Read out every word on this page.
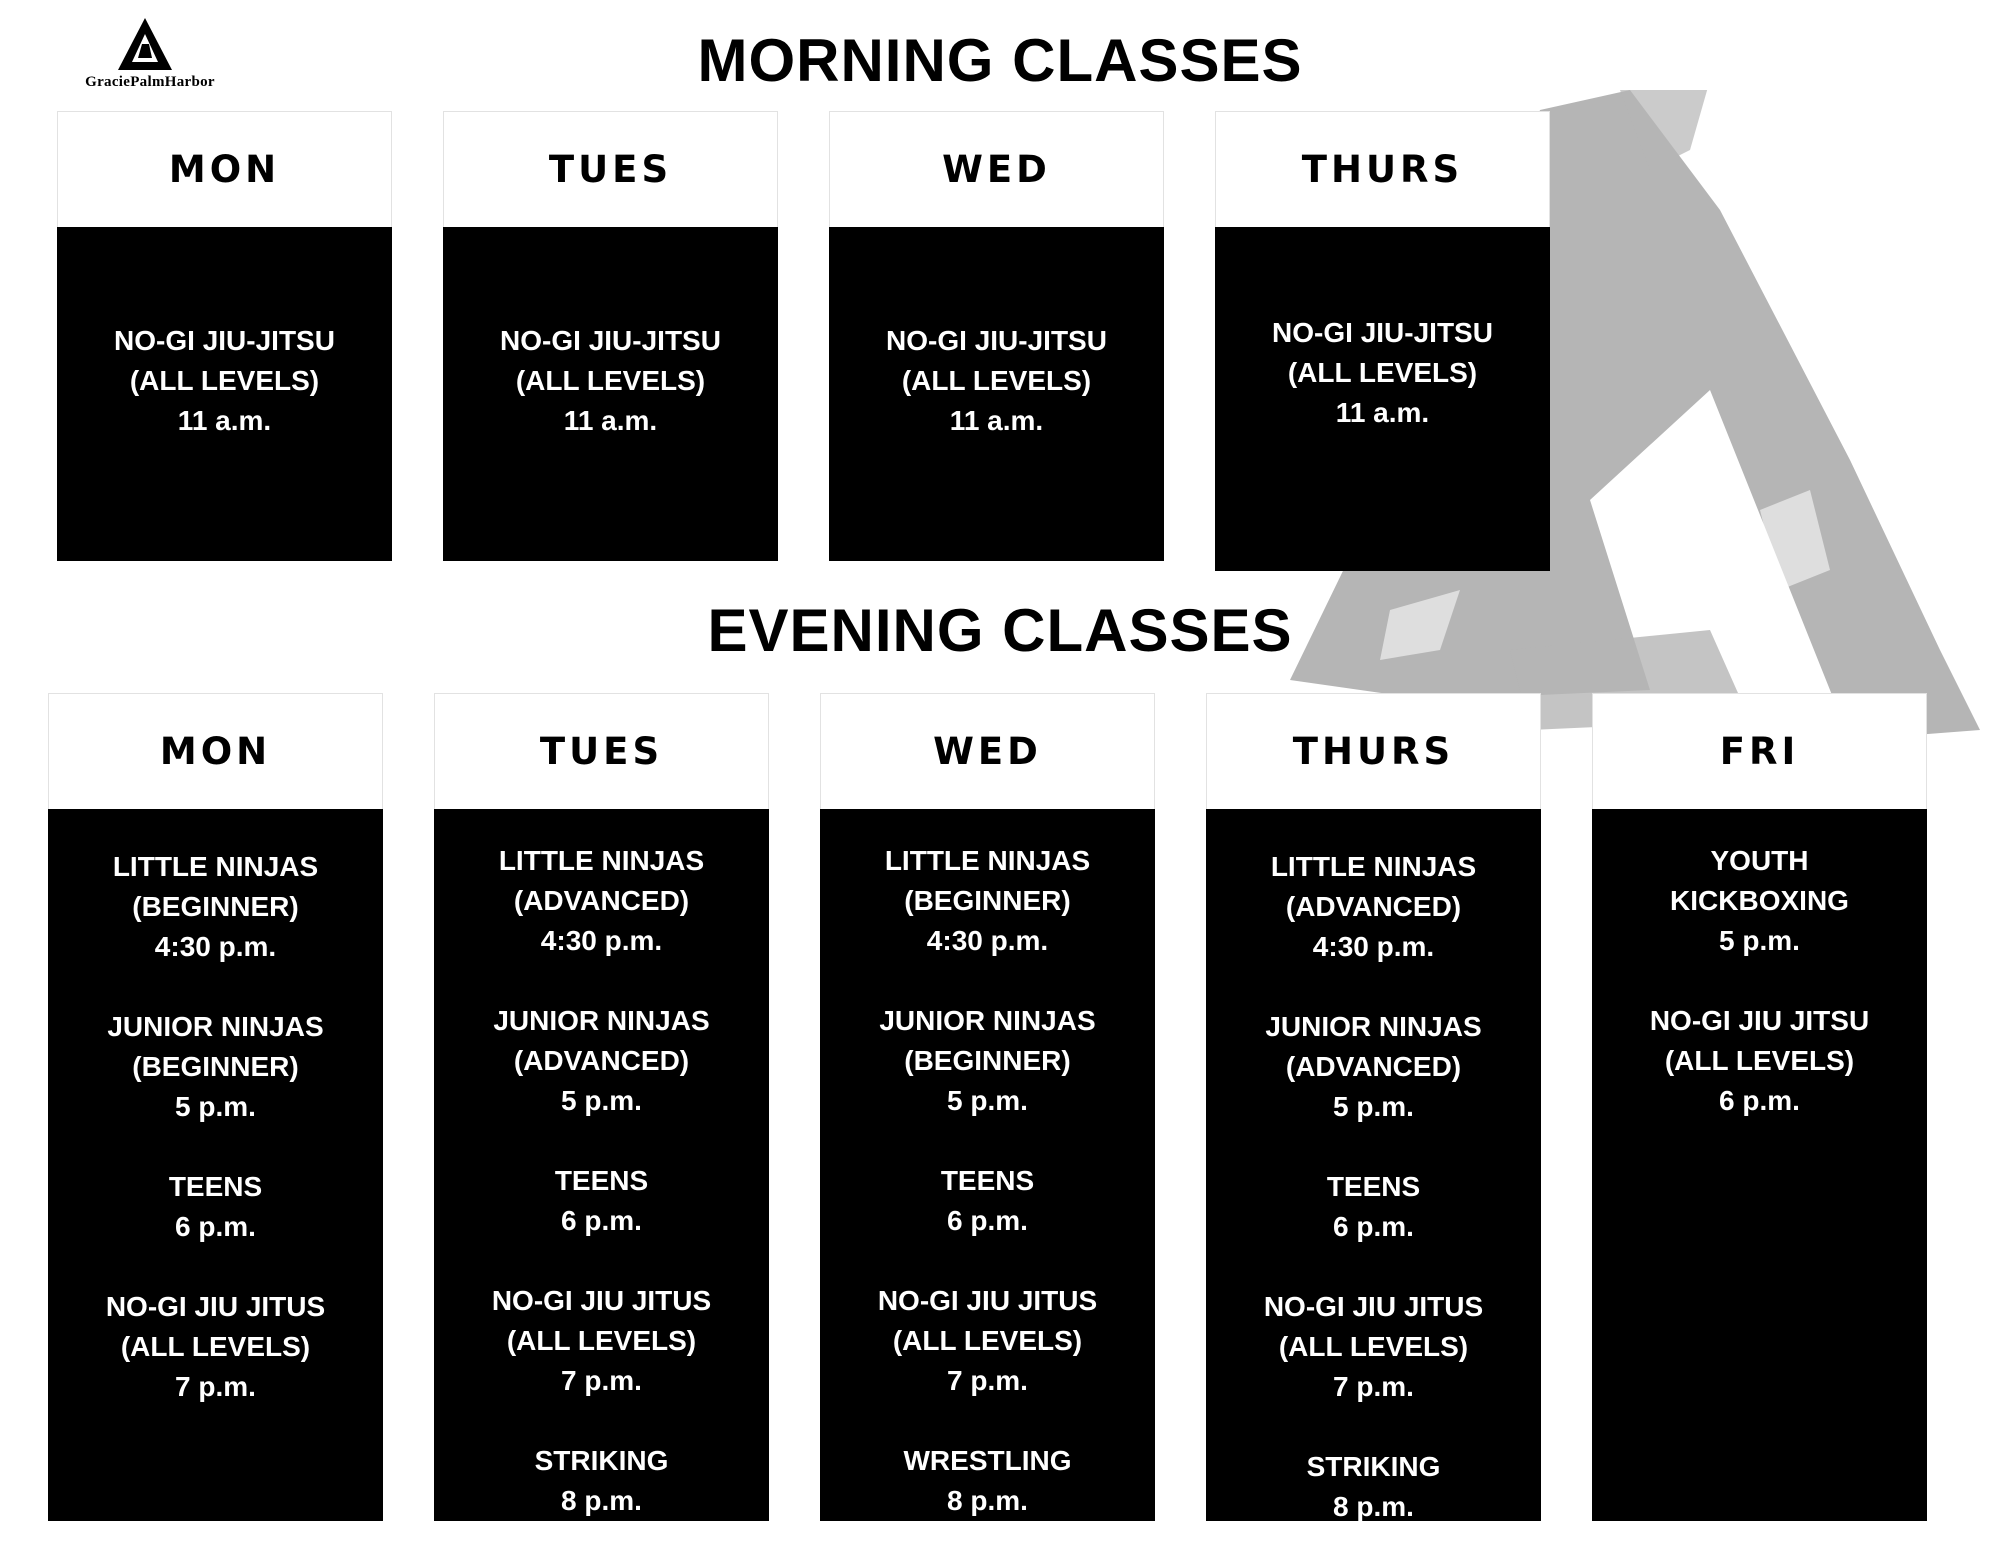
GraciePalmHarbor	MORNING CLASSES
EVENING CLASSES
MON
NO-GI JIU-JITSU
(ALL LEVELS)
11 a.m.
TUES
NO-GI JIU-JITSU
(ALL LEVELS)
11 a.m.
WED
NO-GI JIU-JITSU
(ALL LEVELS)
11 a.m.
THURS
NO-GI JIU-JITSU
(ALL LEVELS)
11 a.m.
MON
LITTLE NINJAS
(BEGINNER)
4:30 p.m.
JUNIOR NINJAS
(BEGINNER)
5 p.m.
TEENS
6 p.m.
NO-GI JIU JITUS
(ALL LEVELS)
7 p.m.
TUES
LITTLE NINJAS
(ADVANCED)
4:30 p.m.
JUNIOR NINJAS
(ADVANCED)
5 p.m.
TEENS
6 p.m.
NO-GI JIU JITUS
(ALL LEVELS)
7 p.m.
STRIKING
8 p.m.
WED
LITTLE NINJAS
(BEGINNER)
4:30 p.m.
JUNIOR NINJAS
(BEGINNER)
5 p.m.
TEENS
6 p.m.
NO-GI JIU JITUS
(ALL LEVELS)
7 p.m.
WRESTLING
8 p.m.
THURS
LITTLE NINJAS
(ADVANCED)
4:30 p.m.
JUNIOR NINJAS
(ADVANCED)
5 p.m.
TEENS
6 p.m.
NO-GI JIU JITUS
(ALL LEVELS)
7 p.m.
STRIKING
8 p.m.
FRI
YOUTH
KICKBOXING
5 p.m.
NO-GI JIU JITSU
(ALL LEVELS)
6 p.m.
